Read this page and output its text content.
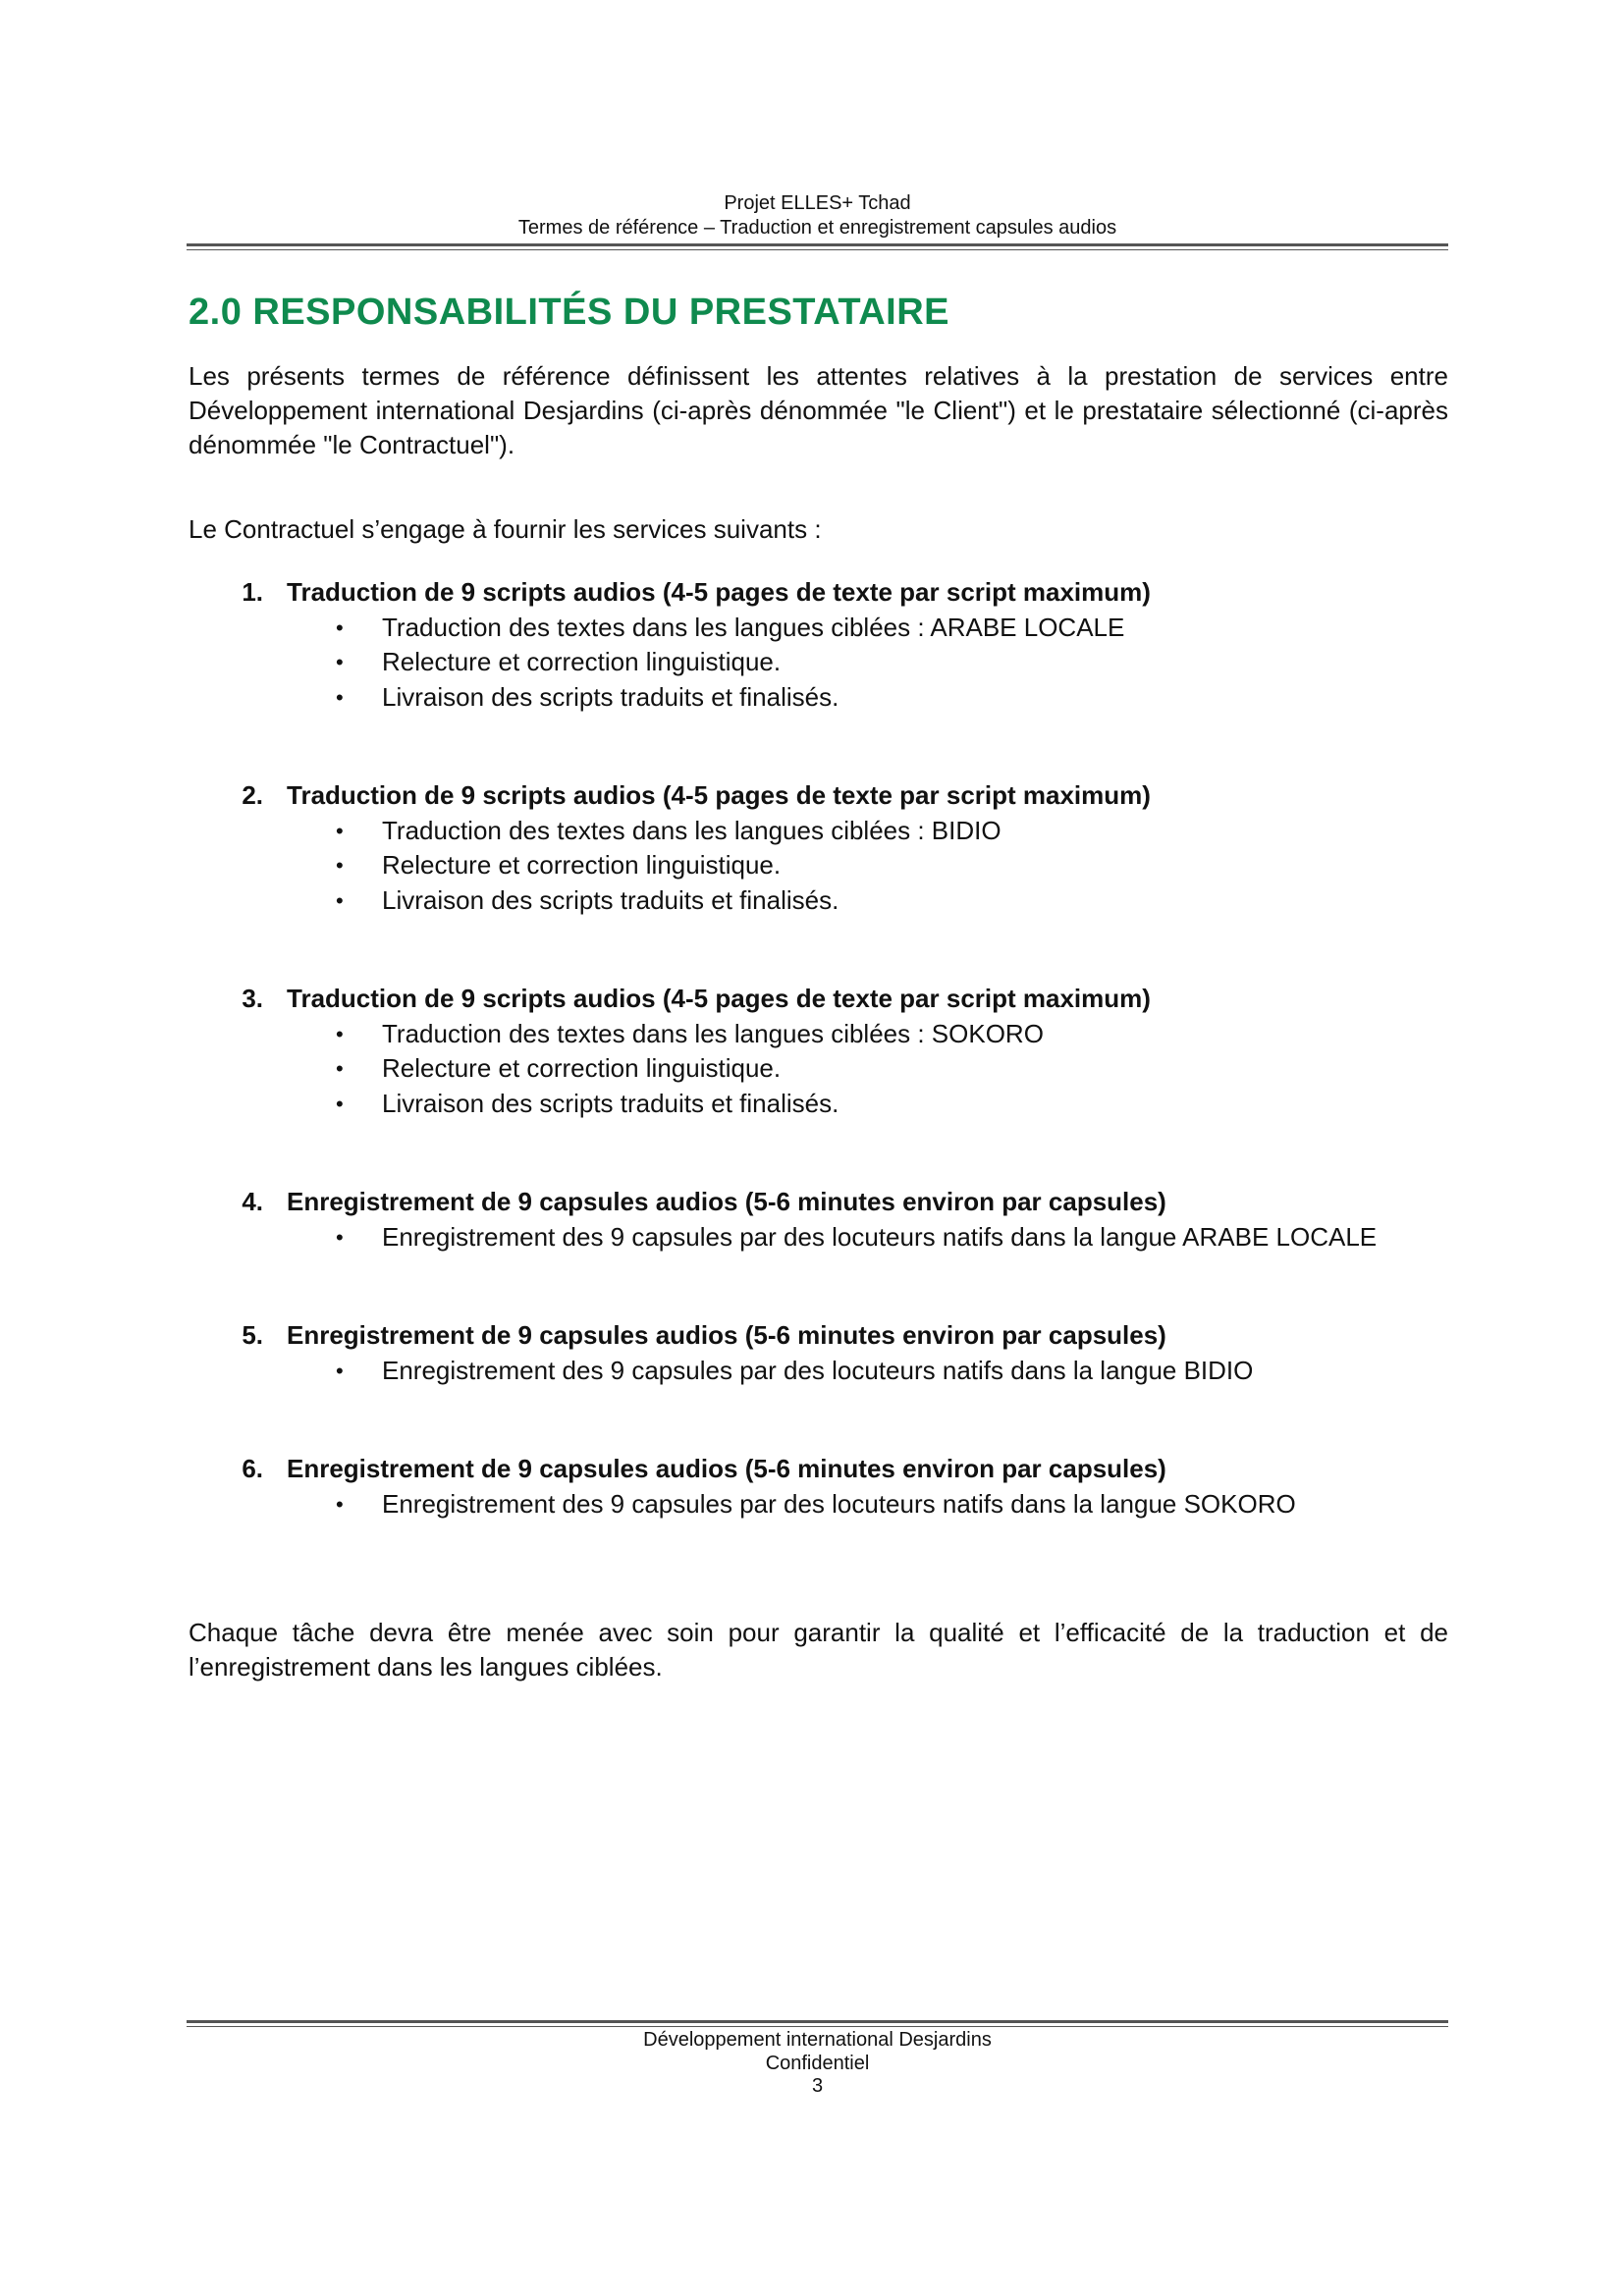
Projet ELLES+ Tchad
Termes de référence – Traduction et enregistrement capsules audios
2.0 RESPONSABILITÉS DU PRESTATAIRE

Les présents termes de référence définissent les attentes relatives à la prestation de services entre Développement international Desjardins (ci-après dénommée "le Client") et le prestataire sélectionné (ci-après dénommée "le Contractuel").

Le Contractuel s’engage à fournir les services suivants :

1. Traduction de 9 scripts audios (4-5 pages de texte par script maximum)
•	Traduction des textes dans les langues ciblées : ARABE LOCALE
•	Relecture et correction linguistique.
•	Livraison des scripts traduits et finalisés.
2. Traduction de 9 scripts audios (4-5 pages de texte par script maximum)
•	Traduction des textes dans les langues ciblées : BIDIO
•	Relecture et correction linguistique.
•	Livraison des scripts traduits et finalisés.
3. Traduction de 9 scripts audios (4-5 pages de texte par script maximum)
•	Traduction des textes dans les langues ciblées : SOKORO
•	Relecture et correction linguistique.
•	Livraison des scripts traduits et finalisés.
4. Enregistrement de 9 capsules audios (5-6 minutes environ par capsules)
•	Enregistrement des 9 capsules par des locuteurs natifs dans la langue ARABE LOCALE
5. Enregistrement de 9 capsules audios (5-6 minutes environ par capsules)
•	Enregistrement des 9 capsules par des locuteurs natifs dans la langue BIDIO
6. Enregistrement de 9 capsules audios (5-6 minutes environ par capsules)
•	Enregistrement des 9 capsules par des locuteurs natifs dans la langue SOKORO

Chaque tâche devra être menée avec soin pour garantir la qualité et l’efficacité de la traduction et de l’enregistrement dans les langues ciblées.

Développement international Desjardins
Confidentiel
3
